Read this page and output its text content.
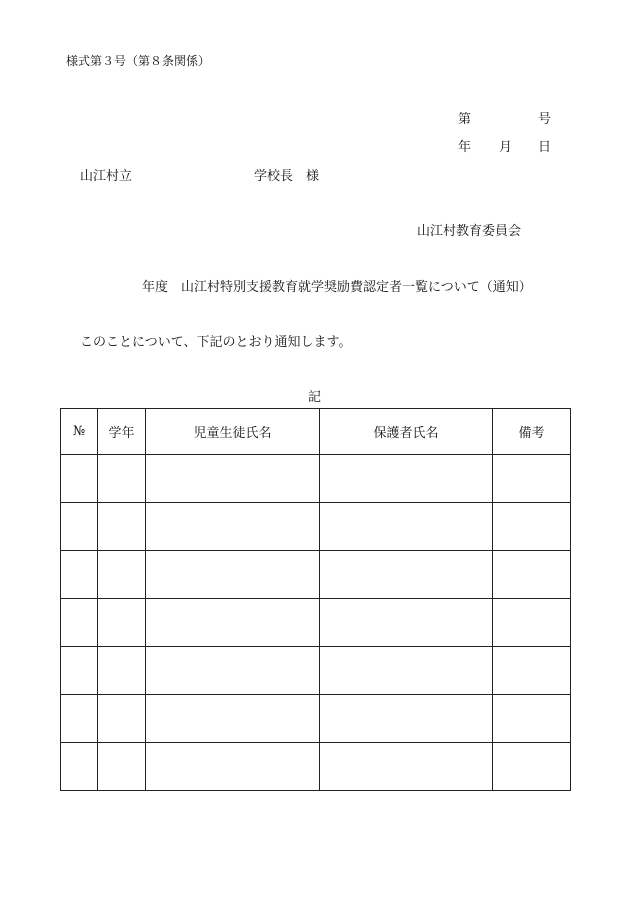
様式第３号（第８条関係）
第	号
年 月 日
山江村立	学校長　様
山江村教育委員会
年度　山江村特別支援教育就学奨励費認定者一覧について（通知）
このことについて、下記のとおり通知します。
記
№	学年	児童生徒氏名	保護者氏名	備考
